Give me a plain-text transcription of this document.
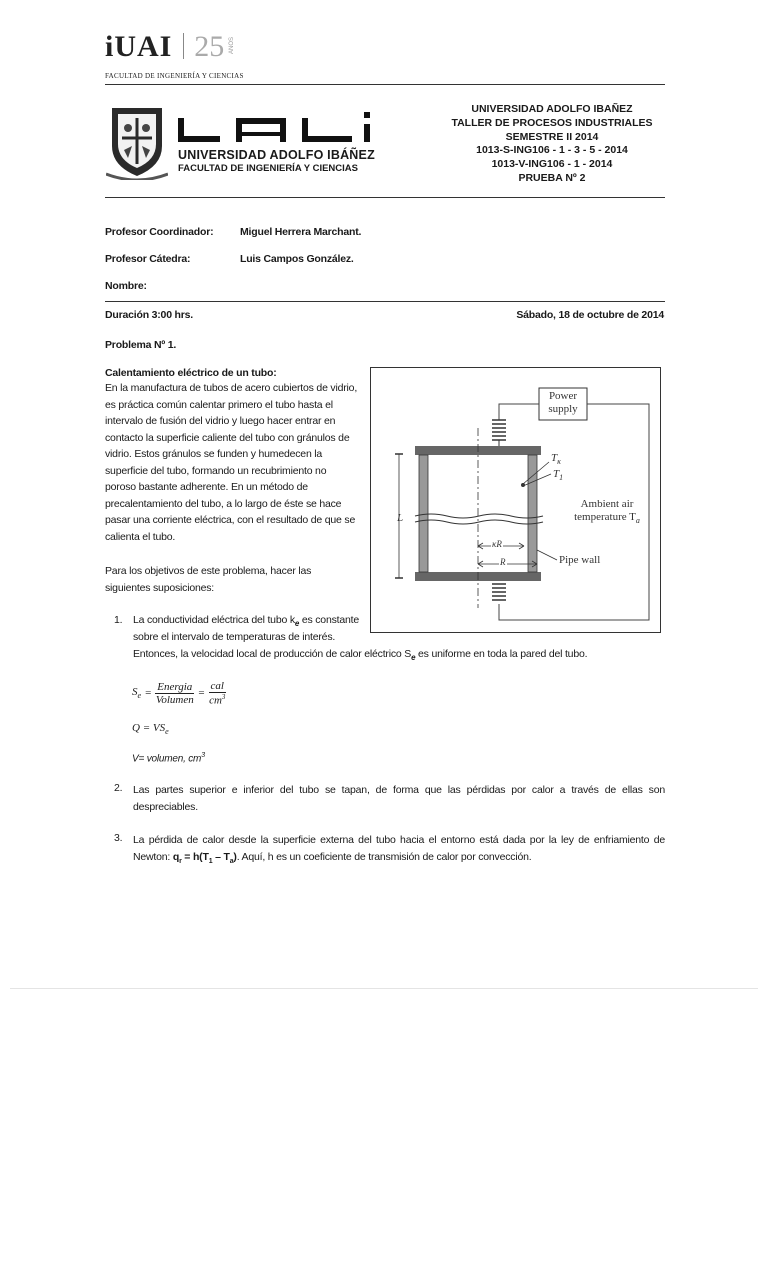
iUAI 25 AÑOS
FACULTAD DE INGENIERÍA Y CIENCIAS
UNIVERSIDAD ADOLFO IBÁÑEZ
FACULTAD DE INGENIERÍA Y CIENCIAS
UNIVERSIDAD ADOLFO IBAÑEZ
TALLER DE PROCESOS INDUSTRIALES
SEMESTRE II 2014
1013-S-ING106 - 1 - 3 - 5 - 2014
1013-V-ING106 - 1 - 2014
PRUEBA Nº 2
Profesor Coordinador:	Miguel Herrera Marchant.
Profesor Cátedra:	Luis Campos González.
Nombre:
Duración 3:00 hrs.	Sábado, 18 de octubre de 2014
Problema Nº 1.
Calentamiento eléctrico de un tubo:
En la manufactura de tubos de acero cubiertos de vidrio,
es práctica común calentar primero el tubo hasta el
intervalo de fusión del vidrio y luego hacer entrar en
contacto la superficie caliente del tubo con gránulos de
vidrio. Estos gránulos se funden y humedecen la
superficie del tubo, formando un recubrimiento no
poroso bastante adherente. En un método de
precalentamiento del tubo, a lo largo de éste se hace
pasar una corriente eléctrica, con el resultado de que se
calienta el tubo.
Para los objetivos de este problema, hacer las
siguientes suposiciones:
Power
supply
$T_\kappa$
$T_1$
Ambient air
temperature $T_a$
Pipe wall
L
κR
R
1. La conductividad eléctrica del tubo $k_e$ es constante
sobre el intervalo de temperaturas de interés.
Entonces, la velocidad local de producción de calor eléctrico $S_e$ es uniforme en toda la pared del tubo.
$S_e$ =
Energia
Volumen
=
cal
$cm^3$
$Q = VS_e$
V= volumen, $cm^3$
2. Las partes superior e inferior del tubo se tapan, de forma que las pérdidas por calor a través de ellas son
despreciables.
3. La pérdida de calor desde la superficie externa del tubo hacia el entorno está dada por la ley de enfriamiento de
Newton: $q_r = h(T_1 - T_a)$. Aquí, h es un coeficiente de transmisión de calor por convección.
